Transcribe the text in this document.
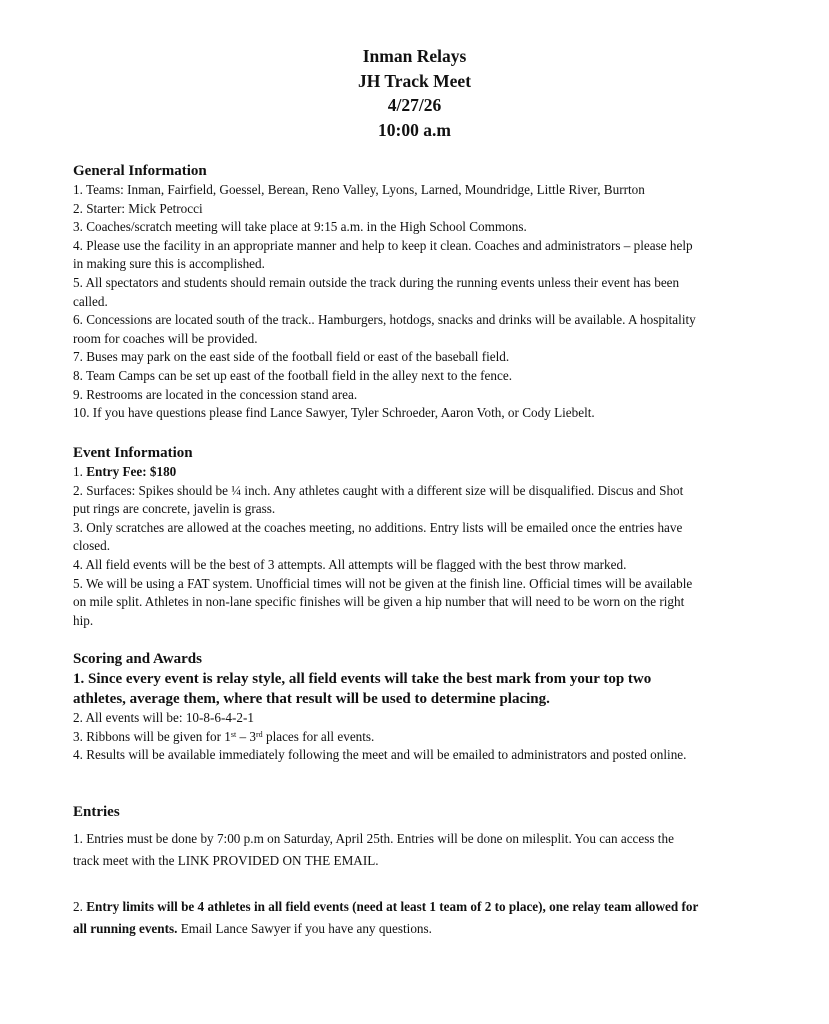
Inman Relays
JH Track Meet
4/27/26
10:00 a.m
General Information
1. Teams: Inman, Fairfield, Goessel, Berean, Reno Valley, Lyons, Larned, Moundridge, Little River, Burrton
2. Starter: Mick Petrocci
3. Coaches/scratch meeting will take place at 9:15 a.m. in the High School Commons.
4. Please use the facility in an appropriate manner and help to keep it clean. Coaches and administrators – please help in making sure this is accomplished.
5. All spectators and students should remain outside the track during the running events unless their event has been called.
6. Concessions are located south of the track.. Hamburgers, hotdogs, snacks and drinks will be available. A hospitality room for coaches will be provided.
7. Buses may park on the east side of the football field or east of the baseball field.
8. Team Camps can be set up east of the football field in the alley next to the fence.
9. Restrooms are located in the concession stand area.
10. If you have questions please find Lance Sawyer, Tyler Schroeder, Aaron Voth, or Cody Liebelt.
Event Information
1. Entry Fee: $180
2. Surfaces: Spikes should be ¼ inch. Any athletes caught with a different size will be disqualified. Discus and Shot put rings are concrete, javelin is grass.
3. Only scratches are allowed at the coaches meeting, no additions. Entry lists will be emailed once the entries have closed.
4. All field events will be the best of 3 attempts. All attempts will be flagged with the best throw marked.
5. We will be using a FAT system. Unofficial times will not be given at the finish line. Official times will be available on mile split. Athletes in non-lane specific finishes will be given a hip number that will need to be worn on the right hip.
Scoring and Awards
1. Since every event is relay style, all field events will take the best mark from your top two athletes, average them, where that result will be used to determine placing.
2. All events will be: 10-8-6-4-2-1
3. Ribbons will be given for 1st – 3rd places for all events.
4. Results will be available immediately following the meet and will be emailed to administrators and posted online.
Entries
1. Entries must be done by 7:00 p.m on Saturday, April 25th. Entries will be done on milesplit. You can access the track meet with the LINK PROVIDED ON THE EMAIL.
2. Entry limits will be 4 athletes in all field events (need at least 1 team of 2 to place), one relay team allowed for all running events. Email Lance Sawyer if you have any questions.
